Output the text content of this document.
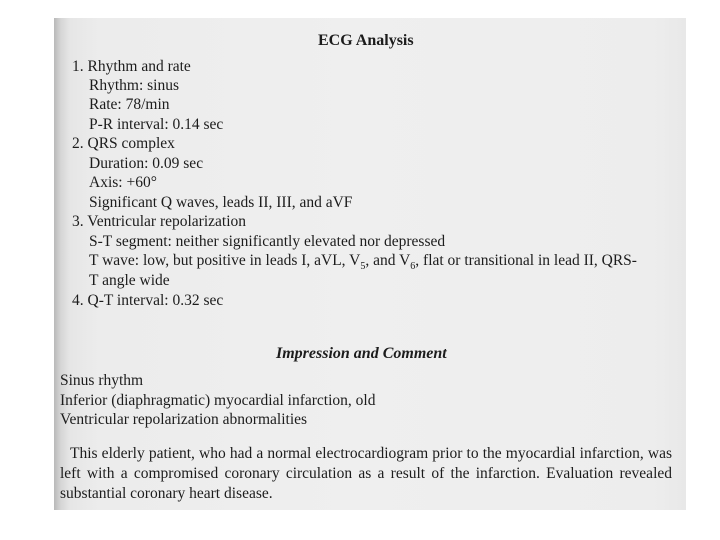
ECG Analysis
1. Rhythm and rate
Rhythm: sinus
Rate: 78/min
P-R interval: 0.14 sec
2. QRS complex
Duration: 0.09 sec
Axis: +60°
Significant Q waves, leads II, III, and aVF
3. Ventricular repolarization
S-T segment: neither significantly elevated nor depressed
T wave: low, but positive in leads I, aVL, $V_5$, and $V_6$, flat or transitional in lead II, QRS-
T angle wide
4. Q-T interval: 0.32 sec
Impression and Comment
Sinus rhythm
Inferior (diaphragmatic) myocardial infarction, old
Ventricular repolarization abnormalities

This elderly patient, who had a normal electrocardiogram prior to the myocardial infarction, was left with a compromised coronary circulation as a result of the infarction. Evaluation revealed substantial coronary heart disease.
